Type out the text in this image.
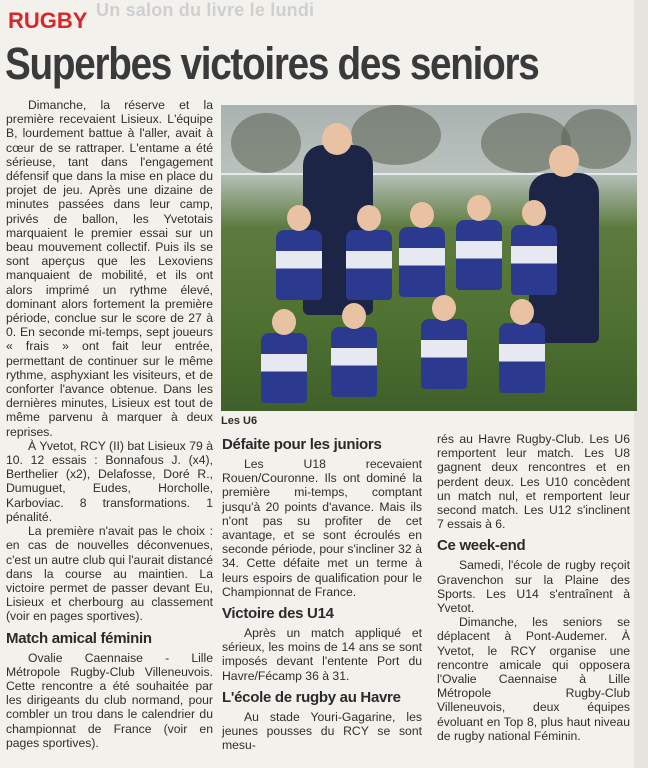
Un salon du livre le lundi
RUGBY
Superbes victoires des seniors

Dimanche, la réserve et la première recevaient Lisieux. L'équipe B, lourdement battue à l'aller, avait à cœur de se rattraper. L'entame a été sérieuse, tant dans l'engagement défensif que dans la mise en place du projet de jeu. Après une dizaine de minutes passées dans leur camp, privés de ballon, les Yvetotais marquaient le premier essai sur un beau mouvement collectif. Puis ils se sont aperçus que les Lexoviens manquaient de mobilité, et ils ont alors imprimé un rythme élevé, dominant alors fortement la première période, conclue sur le score de 27 à 0. En seconde mi-temps, sept joueurs « frais » ont fait leur entrée, permettant de continuer sur le même rythme, asphyxiant les visiteurs, et de conforter l'avance obtenue. Dans les dernières minutes, Lisieux est tout de même parvenu à marquer à deux reprises.

À Yvetot, RCY (II) bat Lisieux 79 à 10. 12 essais : Bonnafous J. (x4), Berthelier (x2), Delafosse, Doré R., Dumuguet, Eudes, Horcholle, Karboviac. 8 transformations. 1 pénalité.

La première n'avait pas le choix : en cas de nouvelles déconvenues, c'est un autre club qui l'aurait distancé dans la course au maintien. La victoire permet de passer devant Eu, Lisieux et cherbourg au classement (voir en pages sportives).

Match amical féminin

Ovalie Caennaise - Lille Métropole Rugby-Club Villeneuvois. Cette rencontre a été souhaitée par les dirigeants du club normand, pour combler un trou dans le calendrier du championnat de France (voir en pages sportives).

Les U6
Défaite pour les juniors

Les U18 recevaient Rouen/Couronne. Ils ont dominé la première mi-temps, comptant jusqu'à 20 points d'avance. Mais ils n'ont pas su profiter de cet avantage, et se sont écroulés en seconde période, pour s'incliner 32 à 34. Cette défaite met un terme à leurs espoirs de qualification pour le Championnat de France.

Victoire des U14

Après un match appliqué et sérieux, les moins de 14 ans se sont imposés devant l'entente Port du Havre/Fécamp 36 à 31.

L'école de rugby au Havre

Au stade Youri-Gagarine, les jeunes pousses du RCY se sont mesu-

rés au Havre Rugby-Club. Les U6 remportent leur match. Les U8 gagnent deux rencontres et en perdent deux. Les U10 concèdent un match nul, et remportent leur second match. Les U12 s'inclinent 7 essais à 6.

Ce week-end

Samedi, l'école de rugby reçoit Gravenchon sur la Plaine des Sports. Les U14 s'entraînent à Yvetot.

Dimanche, les seniors se déplacent à Pont-Audemer. À Yvetot, le RCY organise une rencontre amicale qui opposera l'Ovalie Caennaise à Lille Métropole Rugby-Club Villeneuvois, deux équipes évoluant en Top 8, plus haut niveau de rugby national Féminin.
